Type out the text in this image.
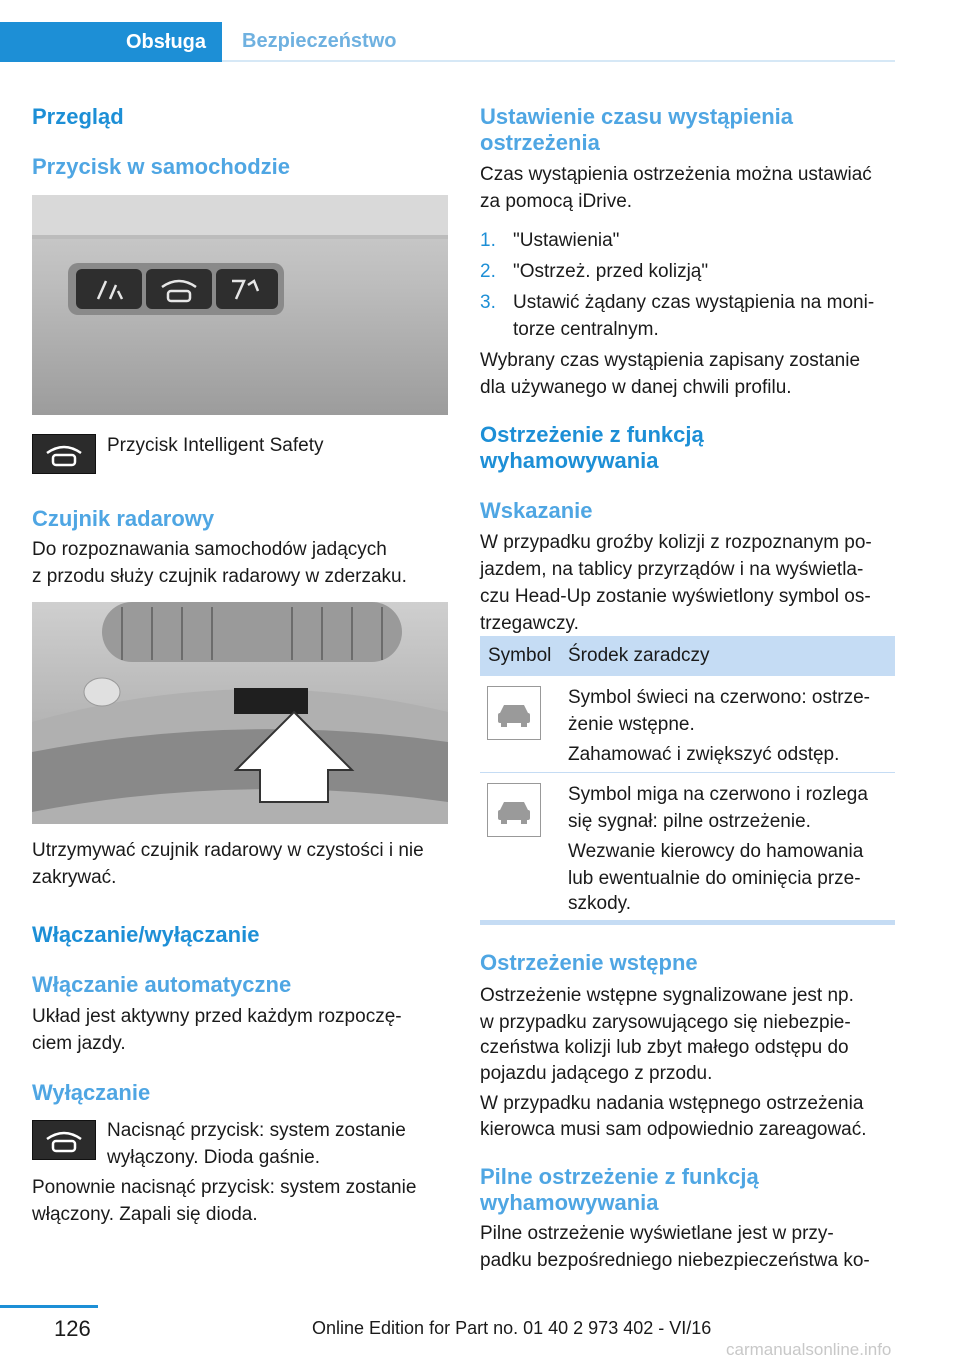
Obsługa	Bezpieczeństwo
Przegląd
Przycisk w samochodzie

Przycisk Intelligent Safety

Czujnik radarowy

Do rozpoznawania samochodów jadących

z przodu służy czujnik radarowy w zderzaku.

Utrzymywać czujnik radarowy w czystości i nie

zakrywać.

Włączanie/wyłączanie
Włączanie automatyczne

Układ jest aktywny przed każdym rozpoczę-

ciem jazdy.

Wyłączanie

Nacisnąć przycisk: system zostanie

wyłączony. Dioda gaśnie.

Ponownie nacisnąć przycisk: system zostanie

włączony. Zapali się dioda.

Ustawienie czasu wystąpienia
ostrzeżenia

Czas wystąpienia ostrzeżenia można ustawiać

za pomocą iDrive.

1. "Ustawienia"
2. "Ostrzeż. przed kolizją"
3. Ustawić żądany czas wystąpienia na moni-
torze centralnym.

Wybrany czas wystąpienia zapisany zostanie

dla używanego w danej chwili profilu.

Ostrzeżenie z funkcją
wyhamowywania
Wskazanie

W przypadku groźby kolizji z rozpoznanym po-

jazdem, na tablicy przyrządów i na wyświetla-

czu Head-Up zostanie wyświetlony symbol os-

trzegawczy.

Symbol Środek zaradczy

Symbol świeci na czerwono: ostrze-

żenie wstępne.

Zahamować i zwiększyć odstęp.

Symbol miga na czerwono i rozlega

się sygnał: pilne ostrzeżenie.

Wezwanie kierowcy do hamowania

lub ewentualnie do ominięcia prze-

szkody.

Ostrzeżenie wstępne

Ostrzeżenie wstępne sygnalizowane jest np.

w przypadku zarysowującego się niebezpie-

czeństwa kolizji lub zbyt małego odstępu do

pojazdu jadącego z przodu.

W przypadku nadania wstępnego ostrzeżenia

kierowca musi sam odpowiednio zareagować.

Pilne ostrzeżenie z funkcją
wyhamowywania

Pilne ostrzeżenie wyświetlane jest w przy-

padku bezpośredniego niebezpieczeństwa ko-

126	Online Edition for Part no. 01 40 2 973 402 - VI/16
carmanualsonline.info
